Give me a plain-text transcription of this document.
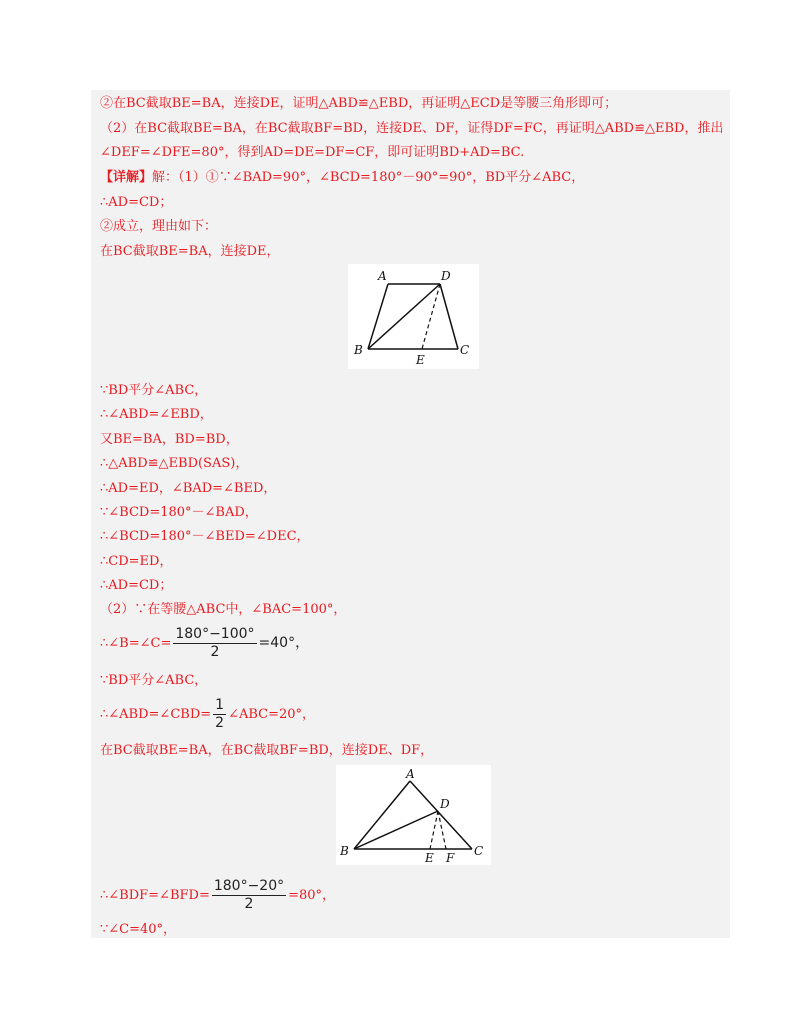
②在BC截取BE=BA，连接DE，证明△ABD≌△EBD，再证明△ECD是等腰三角形即可；
（2）在BC截取BE=BA，在BC截取BF=BD，连接DE、DF，证得DF=FC，再证明△ABD≌△EBD，推出
∠DEF=∠DFE=80°，得到AD=DE=DF=CF，即可证明BD+AD=BC.
【详解】解：（1）①∵∠BAD=90°，∠BCD=180°－90°=90°，BD平分∠ABC，
∴AD=CD；
②成立，理由如下：
在BC截取BE=BA，连接DE，
A	D
B
E
C
∵BD平分∠ABC，
∴∠ABD=∠EBD，
又BE=BA，BD=BD，
∴△ABD≌△EBD(SAS)，
∴AD=ED，∠BAD=∠BED，
∵∠BCD=180°－∠BAD，
∴∠BCD=180°－∠BED=∠DEC，
∴CD=ED，
∴AD=CD；
（2）∵在等腰△ABC中，∠BAC=100°，
∴∠B=∠C= $\frac{180^\circ-100^\circ}{2} =40^\circ$，
∵BD平分∠ABC，
∴∠ABD=∠CBD= $\frac{1}{2}$ ∠ABC=20°，
在BC截取BE=BA，在BC截取BF=BD，连接DE、DF，
A
D
B	E F C
∴∠BDF=∠BFD= $\frac{180^\circ-20^\circ}{2} =80^\circ$，
∵∠C=40°，
